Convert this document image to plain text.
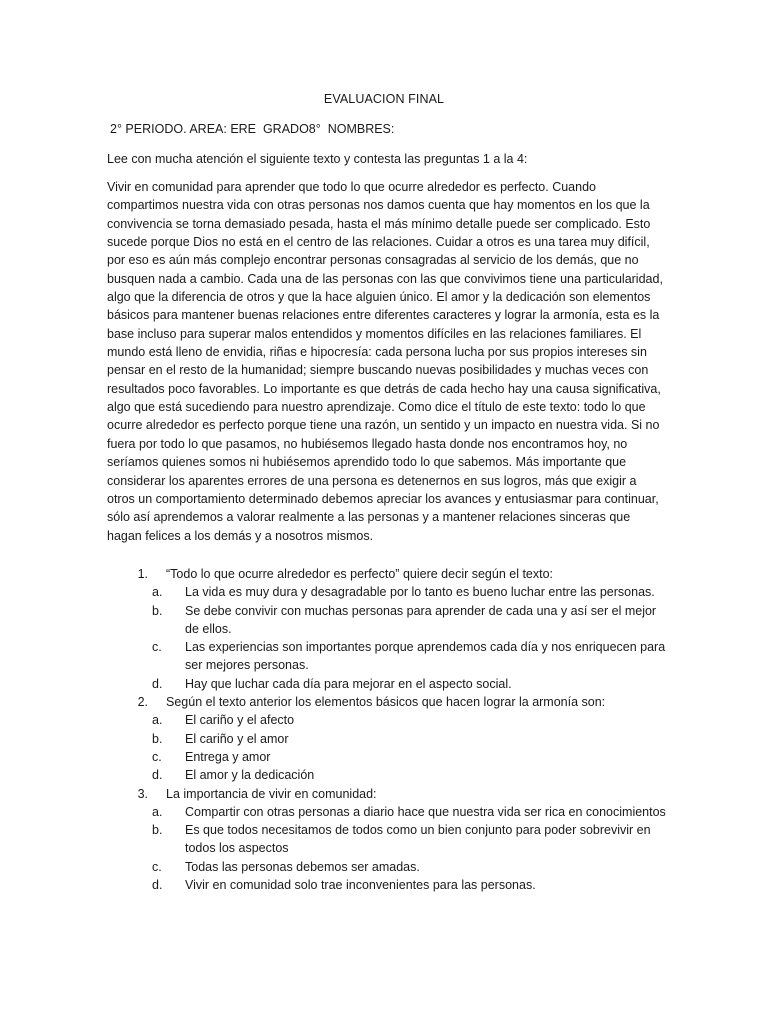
EVALUACION FINAL
2° PERIODO. AREA: ERE  GRADO8°  NOMBRES:
Lee con mucha atención el siguiente texto y contesta las preguntas 1 a la 4:
Vivir en comunidad para aprender que todo lo que ocurre alrededor es perfecto. Cuando compartimos nuestra vida con otras personas nos damos cuenta que hay momentos en los que la convivencia se torna demasiado pesada, hasta el más mínimo detalle puede ser complicado. Esto sucede porque Dios no está en el centro de las relaciones. Cuidar a otros es una tarea muy difícil, por eso es aún más complejo encontrar personas consagradas al servicio de los demás, que no busquen nada a cambio. Cada una de las personas con las que convivimos tiene una particularidad, algo que la diferencia de otros y que la hace alguien único. El amor y la dedicación son elementos básicos para mantener buenas relaciones entre diferentes caracteres y lograr la armonía, esta es la base incluso para superar malos entendidos y momentos difíciles en las relaciones familiares. El mundo está lleno de envidia, riñas e hipocresía: cada persona lucha por sus propios intereses sin pensar en el resto de la humanidad; siempre buscando nuevas posibilidades y muchas veces con resultados poco favorables. Lo importante es que detrás de cada hecho hay una causa significativa, algo que está sucediendo para nuestro aprendizaje. Como dice el título de este texto: todo lo que ocurre alrededor es perfecto porque tiene una razón, un sentido y un impacto en nuestra vida. Si no fuera por todo lo que pasamos, no hubiésemos llegado hasta donde nos encontramos hoy, no seríamos quienes somos ni hubiésemos aprendido todo lo que sabemos. Más importante que considerar los aparentes errores de una persona es detenernos en sus logros, más que exigir a otros un comportamiento determinado debemos apreciar los avances y entusiasmar para continuar, sólo así aprendemos a valorar realmente a las personas y a mantener relaciones sinceras que hagan felices a los demás y a nosotros mismos.
1.	“Todo lo que ocurre alrededor es perfecto” quiere decir según el texto:
a.	La vida es muy dura y desagradable por lo tanto es bueno luchar entre las personas.
b.	Se debe convivir con muchas personas para aprender de cada una y así ser el mejor de ellos.
c.	Las experiencias son importantes porque aprendemos cada día y nos enriquecen para ser mejores personas.
d.	Hay que luchar cada día para mejorar en el aspecto social.
2.	Según el texto anterior los elementos básicos que hacen lograr la armonía son:
a.	El cariño y el afecto
b.	El cariño y el amor
c.	Entrega y amor
d.	El amor y la dedicación
3.	La importancia de vivir en comunidad:
a.	Compartir con otras personas a diario hace que nuestra vida ser rica en conocimientos
b.	Es que todos necesitamos de todos como un bien conjunto para poder sobrevivir en todos los aspectos
c.	Todas las personas debemos ser amadas.
d.	Vivir en comunidad solo trae inconvenientes para las personas.
